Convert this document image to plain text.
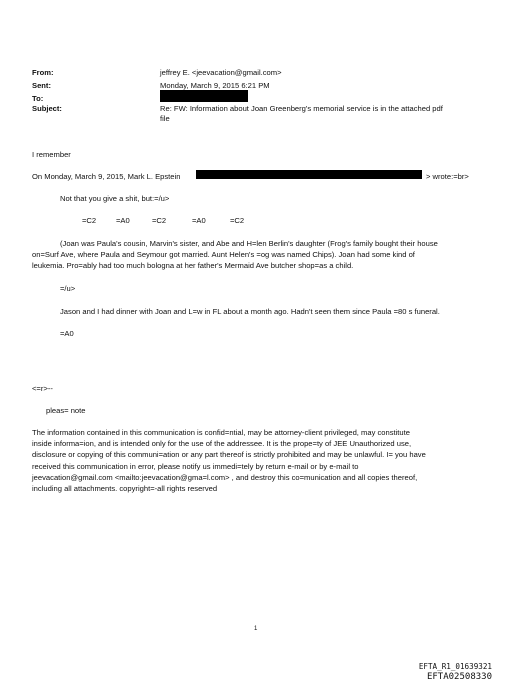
From:	jeffrey E. <jeevacation@gmail.com>
Sent:	Monday, March 9, 2015 6:21 PM
To:
Subject:	Re: FW: Information about Joan Greenberg's memorial service is in the attached pdf
file
I remember
On Monday, March 9, 2015, Mark L. Epstein	> wrote:=br>
Not that you give a shit, but:=/u>
=C2	=A0	=C2	=A0	=C2
(Joan was Paula's cousin, Marvin's sister, and Abe and H=len Berlin's daughter (Frog's family bought their house
on=Surf Ave, where Paula and Seymour got married. Aunt Helen's =og was named Chips). Joan had some kind of
leukemia. Pro=ably had too much bologna at her father's Mermaid Ave butcher shop=as a child.
=/u>
Jason and I had dinner with Joan and L=w in FL about a month ago. Hadn't seen them since Paula =80 s funeral.
=A0
<=r>--
pleas= note
The information contained in this communication is confid=ntial, may be attorney-client privileged, may constitute
inside informa=ion, and is intended only for the use of the addressee. It is the prope=ty of JEE Unauthorized use,
disclosure or copying of this communi=ation or any part thereof is strictly prohibited and may be unlawful. I= you have
received this communication in error, please notify us immedi=tely by return e-mail or by e-mail to
jeevacation@gmail.com <mailto:jeevacation@gma=l.com> , and destroy this co=munication and all copies thereof,
including all attachments. copyright=-all rights reserved
1
EFTA_R1_01639321
EFTA02508330
